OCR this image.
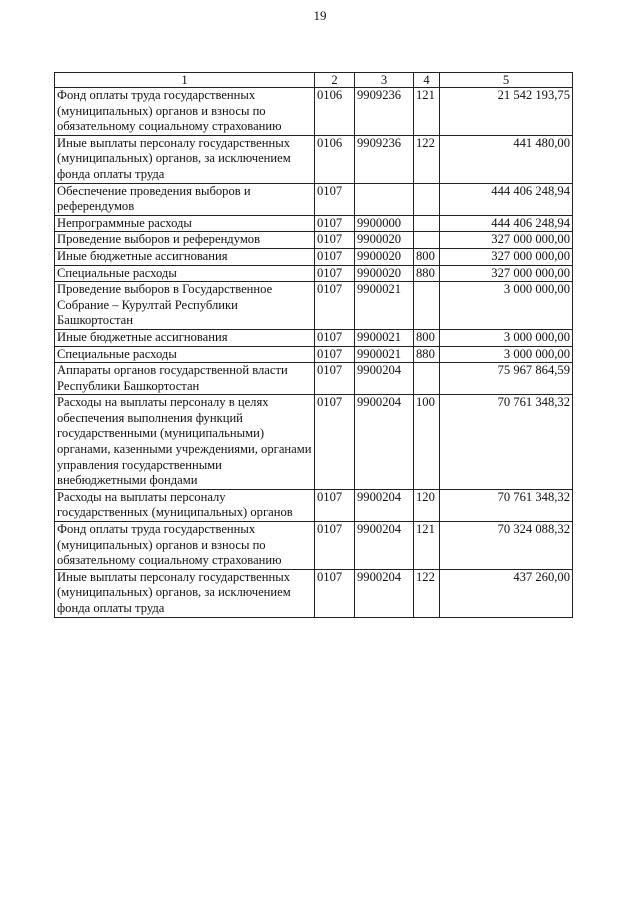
19
1	2	3	4	5
Фонд оплаты труда государственных (муниципальных) органов и взносы по обязательному социальному страхованию	0106	9909236	121	21 542 193,75
Иные выплаты персоналу государственных (муниципальных) органов, за исключением фонда оплаты труда	0106	9909236	122	441 480,00
Обеспечение проведения выборов и референдумов	0107			444 406 248,94
Непрограммные расходы	0107	9900000		444 406 248,94
Проведение выборов и референдумов	0107	9900020		327 000 000,00
Иные бюджетные ассигнования	0107	9900020	800	327 000 000,00
Специальные расходы	0107	9900020	880	327 000 000,00
Проведение выборов в Государственное Собрание – Курултай Республики Башкортостан	0107	9900021		3 000 000,00
Иные бюджетные ассигнования	0107	9900021	800	3 000 000,00
Специальные расходы	0107	9900021	880	3 000 000,00
Аппараты органов государственной власти Республики Башкортостан	0107	9900204		75 967 864,59
Расходы на выплаты персоналу в целях обеспечения выполнения функций государственными (муниципальными) органами, казенными учреждениями, органами управления государственными внебюджетными фондами	0107	9900204	100	70 761 348,32
Расходы на выплаты персоналу государственных (муниципальных) органов	0107	9900204	120	70 761 348,32
Фонд оплаты труда государственных (муниципальных) органов и взносы по обязательному социальному страхованию	0107	9900204	121	70 324 088,32
Иные выплаты персоналу государственных (муниципальных) органов, за исключением фонда оплаты труда	0107	9900204	122	437 260,00
